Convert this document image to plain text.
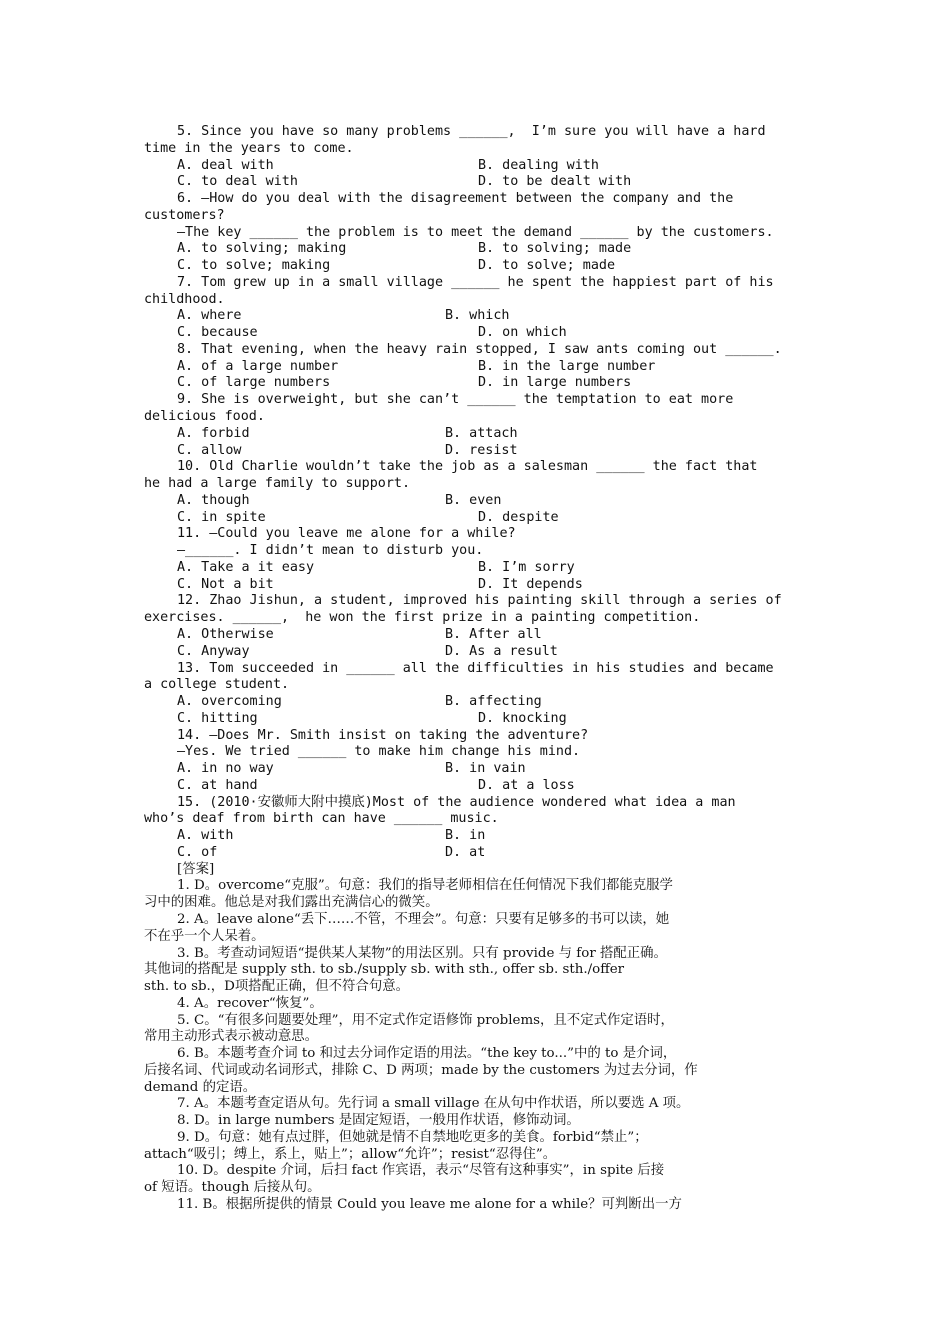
5. Since you have so many problems ______,  I’m sure you will have a hard
time in the years to come.
A. deal with	B. dealing with
C. to deal with	D. to be dealt with
6. —How do you deal with the disagreement between the company and the
customers?
—The key ______ the problem is to meet the demand ______ by the customers.
A. to solving; making	B. to solving; made
C. to solve; making	D. to solve; made
7. Tom grew up in a small village ______ he spent the happiest part of his
childhood.
A. where	B. which
C. because	D. on which
8. That evening, when the heavy rain stopped, I saw ants coming out ______.
A. of a large number	B. in the large number
C. of large numbers	D. in large numbers
9. She is overweight, but she can’t ______ the temptation to eat more
delicious food.
A. forbid	B. attach
C. allow	D. resist
10. Old Charlie wouldn’t take the job as a salesman ______ the fact that
he had a large family to support.
A. though	B. even
C. in spite	D. despite
11. —Could you leave me alone for a while?
—______. I didn’t mean to disturb you.
A. Take a it easy	B. I’m sorry
C. Not a bit	D. It depends
12. Zhao Jishun, a student, improved his painting skill through a series of
exercises. ______,  he won the first prize in a painting competition.
A. Otherwise	B. After all
C. Anyway	D. As a result
13. Tom succeeded in ______ all the difficulties in his studies and became
a college student.
A. overcoming	B. affecting
C. hitting	D. knocking
14. —Does Mr. Smith insist on taking the adventure?
—Yes. We tried ______ to make him change his mind.
A. in no way	B. in vain
C. at hand	D. at a loss
15. (2010·安徽师大附中摸底)Most of the audience wondered what idea a man
who’s deaf from birth can have ______ music.
A. with	B. in
C. of	D. at
[答案]
1. D。overcome“克服”。句意：我们的指导老师相信在任何情况下我们都能克服学
习中的困难。他总是对我们露出充满信心的微笑。
2. A。leave alone“丢下……不管，不理会”。句意：只要有足够多的书可以读，她
不在乎一个人呆着。
3. B。考查动词短语“提供某人某物”的用法区别。只有 provide 与 for 搭配正确。
其他词的搭配是 supply sth. to sb./supply sb. with sth., offer sb. sth./offer
sth. to sb.，D项搭配正确，但不符合句意。
4. A。recover“恢复”。
5. C。“有很多问题要处理”，用不定式作定语修饰 problems，且不定式作定语时，
常用主动形式表示被动意思。
6. B。本题考查介词 to 和过去分词作定语的用法。“the key to...”中的 to 是介词，
后接名词、代词或动名词形式，排除 C、D 两项；made by the customers 为过去分词，作
demand 的定语。
7. A。本题考查定语从句。先行词 a small village 在从句中作状语，所以要选 A 项。
8. D。in large numbers 是固定短语，一般用作状语，修饰动词。
9. D。句意：她有点过胖，但她就是情不自禁地吃更多的美食。forbid“禁止”；
attach“吸引；缚上，系上，贴上”；allow“允许”；resist“忍得住”。
10. D。despite 介词，后扫 fact 作宾语，表示“尽管有这种事实”，in spite 后接
of 短语。though 后接从句。
11. B。根据所提供的情景 Could you leave me alone for a while？可判断出一方
